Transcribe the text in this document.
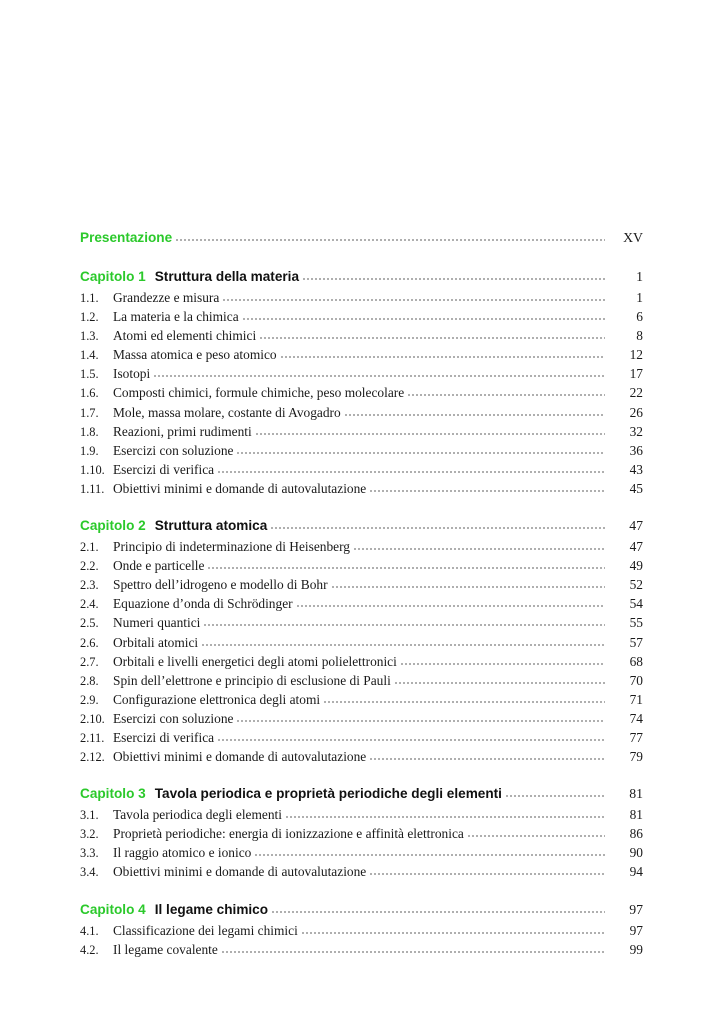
Presentazione	XV
Capitolo 1 Struttura della materia	1
1.1.	Grandezze e misura	1
1.2.	La materia e la chimica	6
1.3.	Atomi ed elementi chimici	8
1.4.	Massa atomica e peso atomico	12
1.5.	Isotopi	17
1.6.	Composti chimici, formule chimiche, peso molecolare	22
1.7.	Mole, massa molare, costante di Avogadro	26
1.8.	Reazioni, primi rudimenti	32
1.9.	Esercizi con soluzione	36
1.10. Esercizi di verifica	43
1.11. Obiettivi minimi e domande di autovalutazione	45
Capitolo 2 Struttura atomica	47
2.1.	Principio di indeterminazione di Heisenberg	47
2.2.	Onde e particelle	49
2.3.	Spettro dell’idrogeno e modello di Bohr	52
2.4.	Equazione d’onda di Schrödinger	54
2.5.	Numeri quantici	55
2.6.	Orbitali atomici	57
2.7.	Orbitali e livelli energetici degli atomi polielettronici	68
2.8.	Spin dell’elettrone e principio di esclusione di Pauli	70
2.9.	Configurazione elettronica degli atomi	71
2.10. Esercizi con soluzione	74
2.11. Esercizi di verifica	77
2.12. Obiettivi minimi e domande di autovalutazione	79
Capitolo 3 Tavola periodica e proprietà periodiche degli elementi	81
3.1.	Tavola periodica degli elementi	81
3.2.	Proprietà periodiche: energia di ionizzazione e affinità elettronica	86
3.3.	Il raggio atomico e ionico	90
3.4.	Obiettivi minimi e domande di autovalutazione	94
Capitolo 4 Il legame chimico	97
4.1.	Classificazione dei legami chimici	97
4.2.	Il legame covalente	99
